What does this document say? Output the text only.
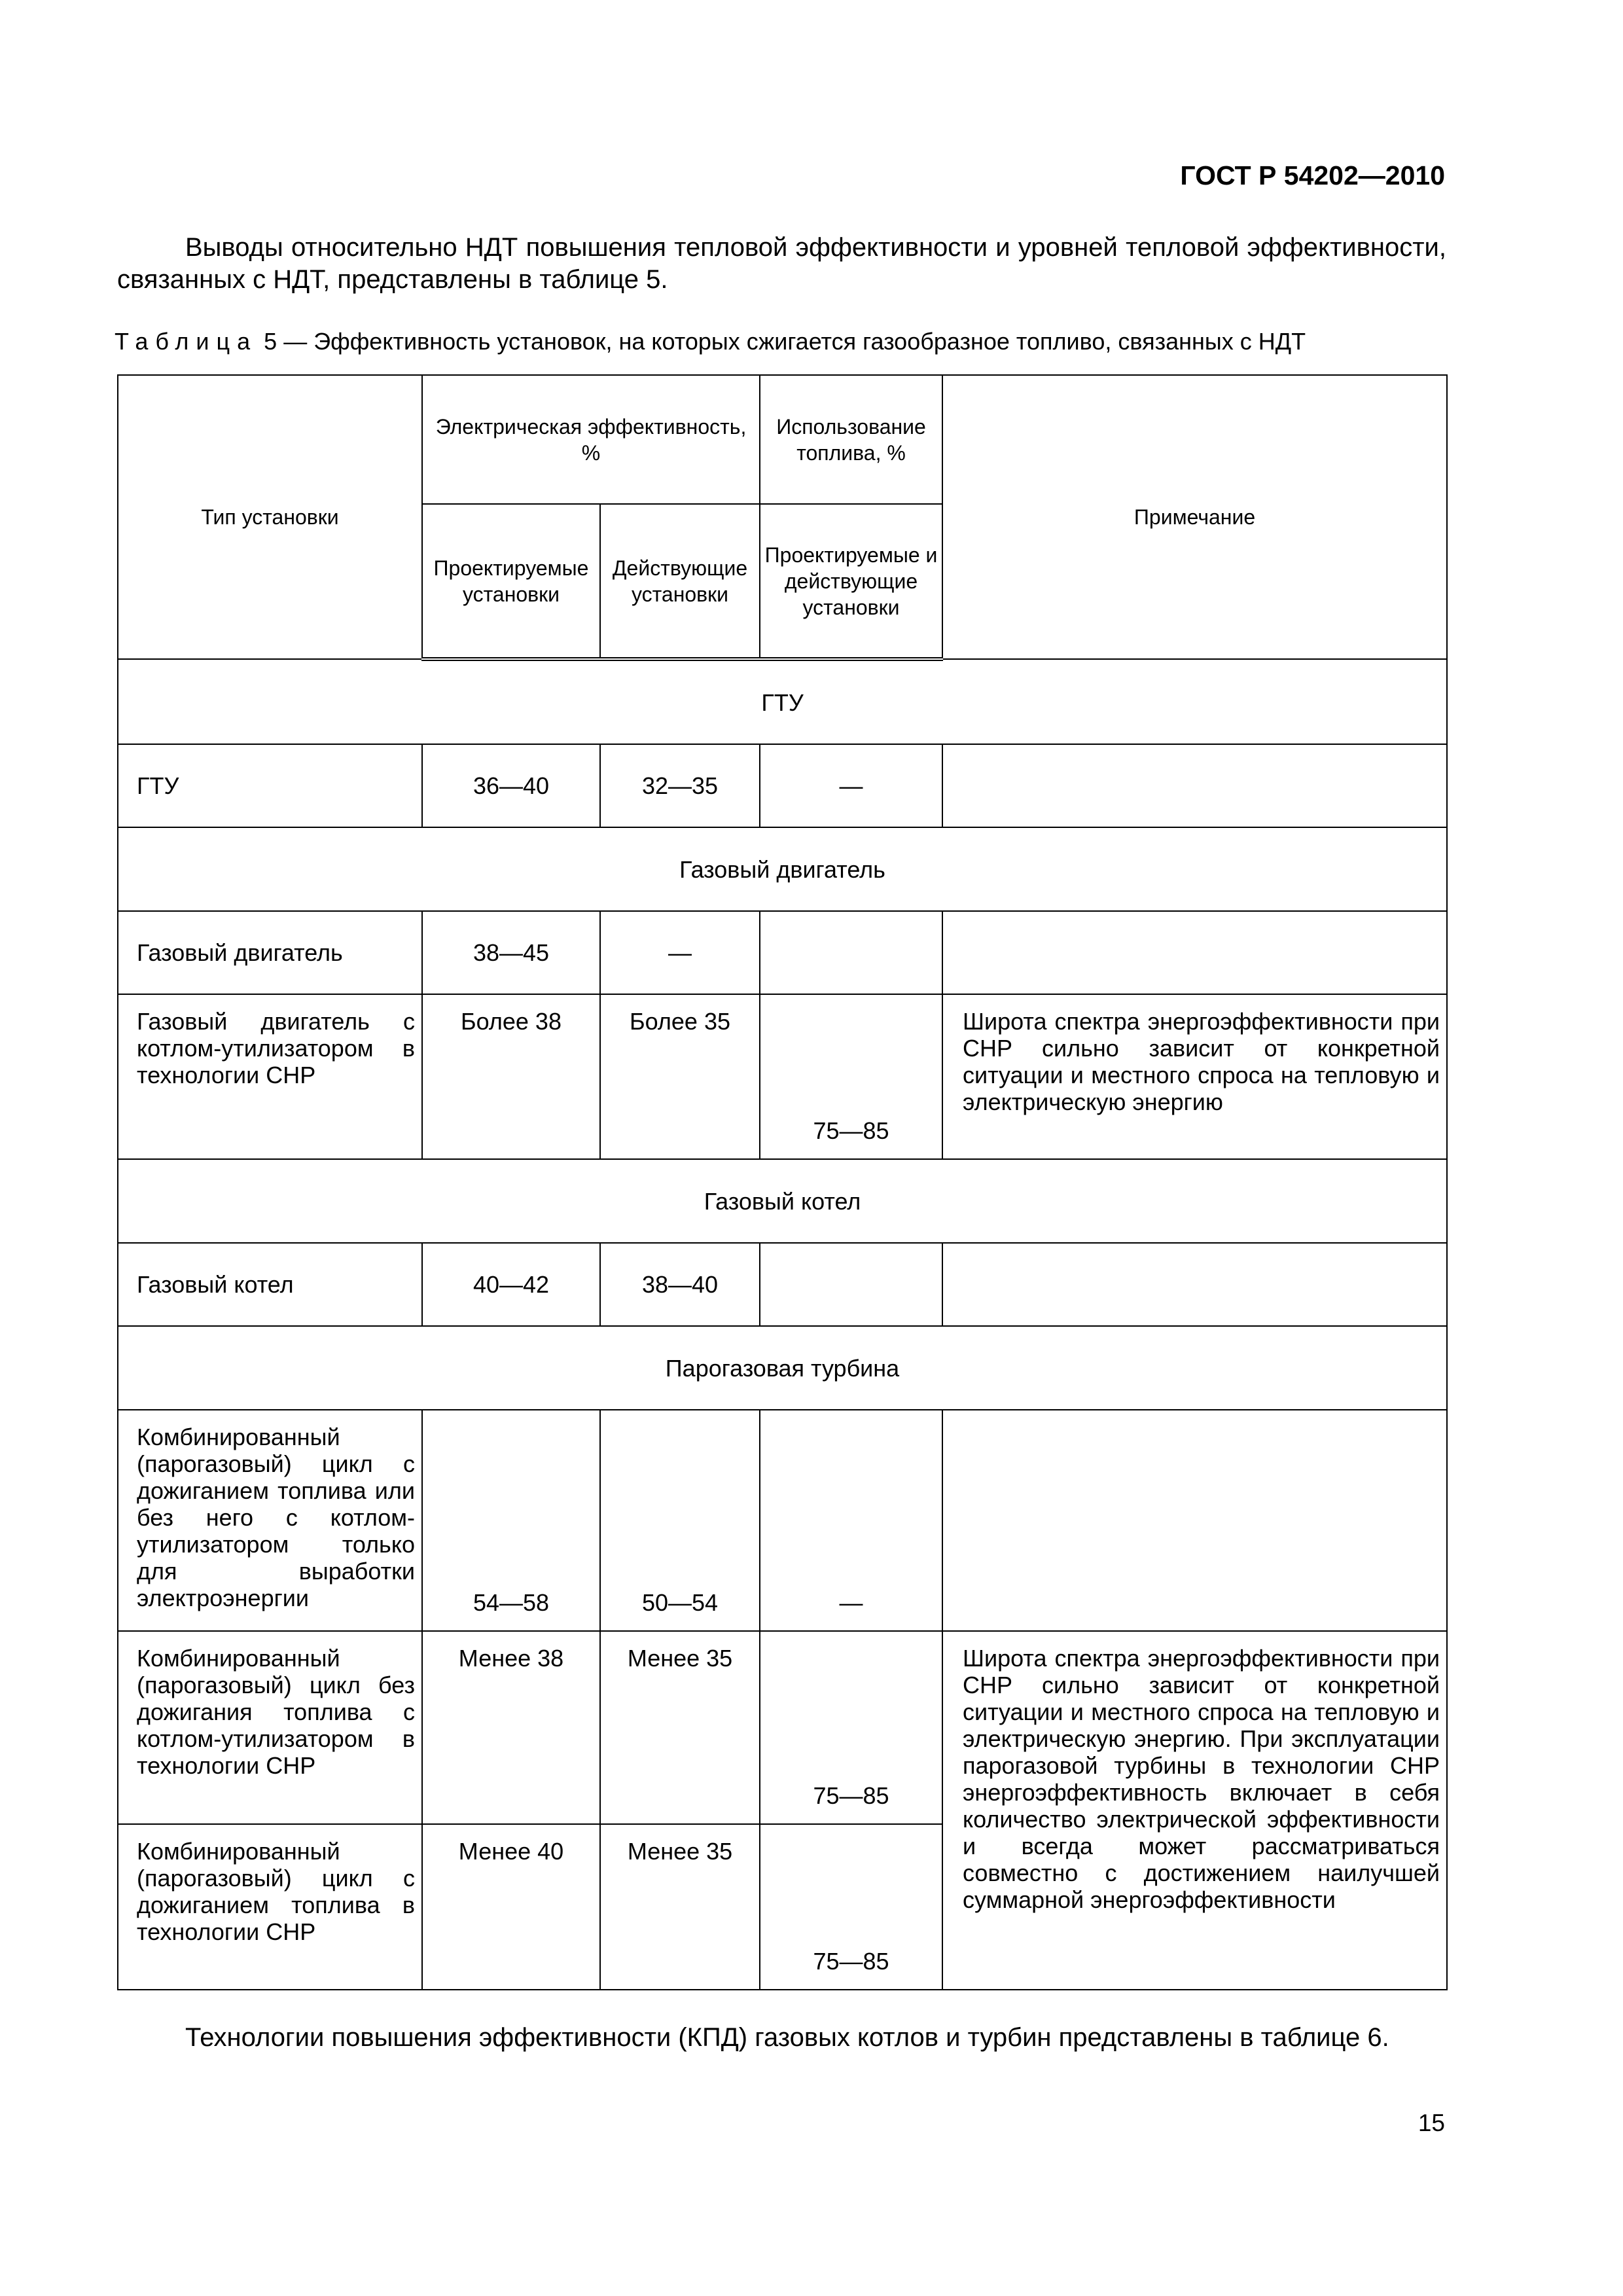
ГОСТ Р 54202—2010
Выводы относительно НДТ повышения тепловой эффективности и уровней тепловой эффективности, связанных с НДТ, представлены в таблице 5.
Таблица 5 — Эффективность установок, на которых сжигается газообразное топливо, связанных с НДТ
Тип установки	Электрическая эффективность, %		Использование топлива, %	Примечание
	Проектируемые установки	Действующие установки	Проектируемые и действующие установки	
ГТУ				
ГТУ	36—40	32—35	—	
Газовый двигатель				
Газовый двигатель	38—45	—		
Газовый двигатель с котлом-утилизатором в технологии CHP	Более 38	Более 35	75—85	Широта спектра энергоэффективности при CHP сильно зависит от конкретной ситуации и местного спроса на тепловую и электрическую энергию
Газовый котел				
Газовый котел	40—42	38—40		
Парогазовая турбина				
Комбинированный (парогазовый) цикл с дожиганием топлива или без него с котлом-утилизатором только для выработки электроэнергии	54—58	50—54	—	
Комбинированный (парогазовый) цикл без дожигания топлива с котлом-утилизатором в технологии CHP	Менее 38	Менее 35	75—85	Широта спектра энергоэффективности при CHP сильно зависит от конкретной ситуации и местного спроса на тепловую и электрическую энергию. При эксплуатации парогазовой турбины в технологии CHP энергоэффективность включает в себя количество электрической эффективности и всегда может рассматриваться совместно с достижением наилучшей суммарной энергоэффективности
Комбинированный (парогазовый) цикл с дожиганием топлива в технологии CHP	Менее 40	Менее 35	75—85	
Технологии повышения эффективности (КПД) газовых котлов и турбин представлены в таблице 6.
15
